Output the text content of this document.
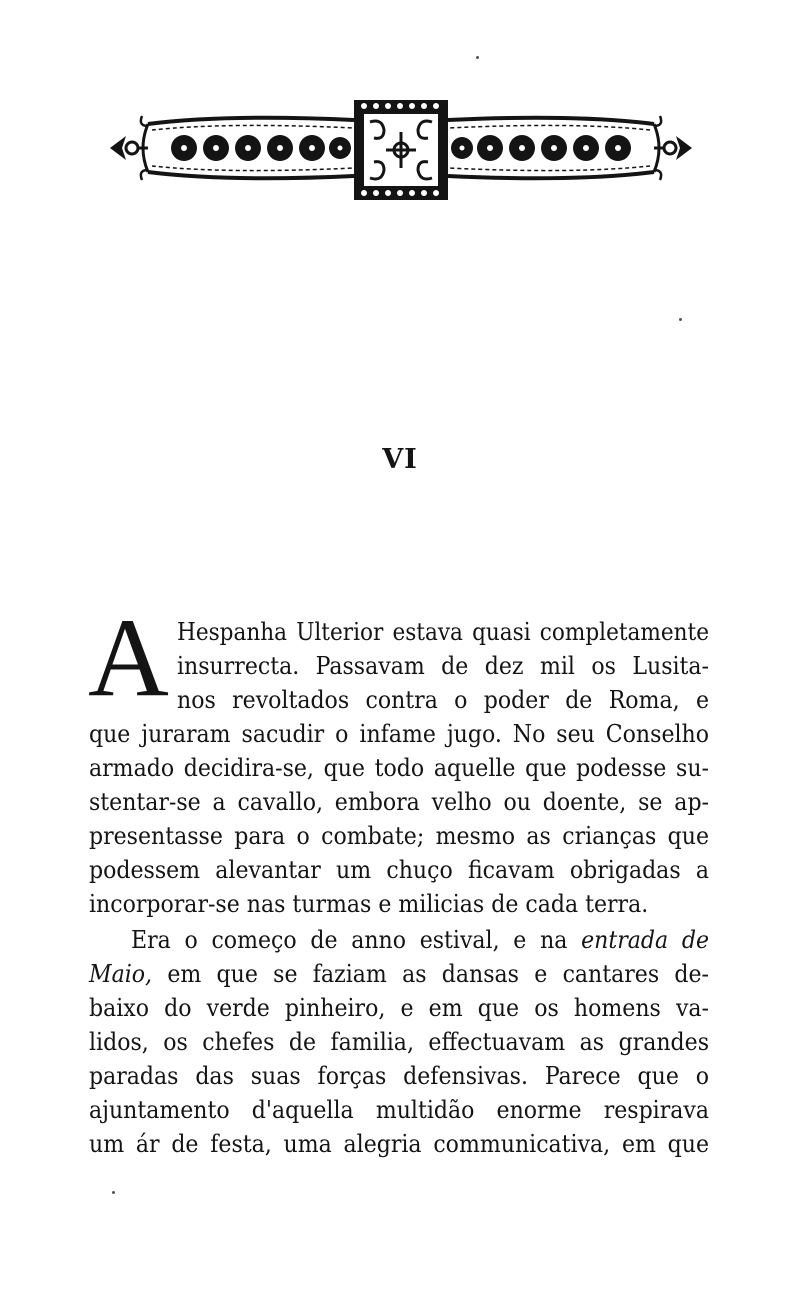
VI
A Hespanha Ulterior estava quasi completamente
insurrecta. Passavam de dez mil os Lusita-
nos revoltados contra o poder de Roma, e
que juraram sacudir o infame jugo. No seu Conselho
armado decidira-se, que todo aquelle que podesse su-
stentar-se a cavallo, embora velho ou doente, se ap-
presentasse para o combate; mesmo as crianças que
podessem alevantar um chuço ficavam obrigadas a
incorporar-se nas turmas e milicias de cada terra.
Era o começo de anno estival, e na entrada de
Maio, em que se faziam as dansas e cantares de-
baixo do verde pinheiro, e em que os homens va-
lidos, os chefes de familia, effectuavam as grandes
paradas das suas forças defensivas. Parece que o
ajuntamento d'aquella multidão enorme respirava
um ár de festa, uma alegria communicativa, em que
